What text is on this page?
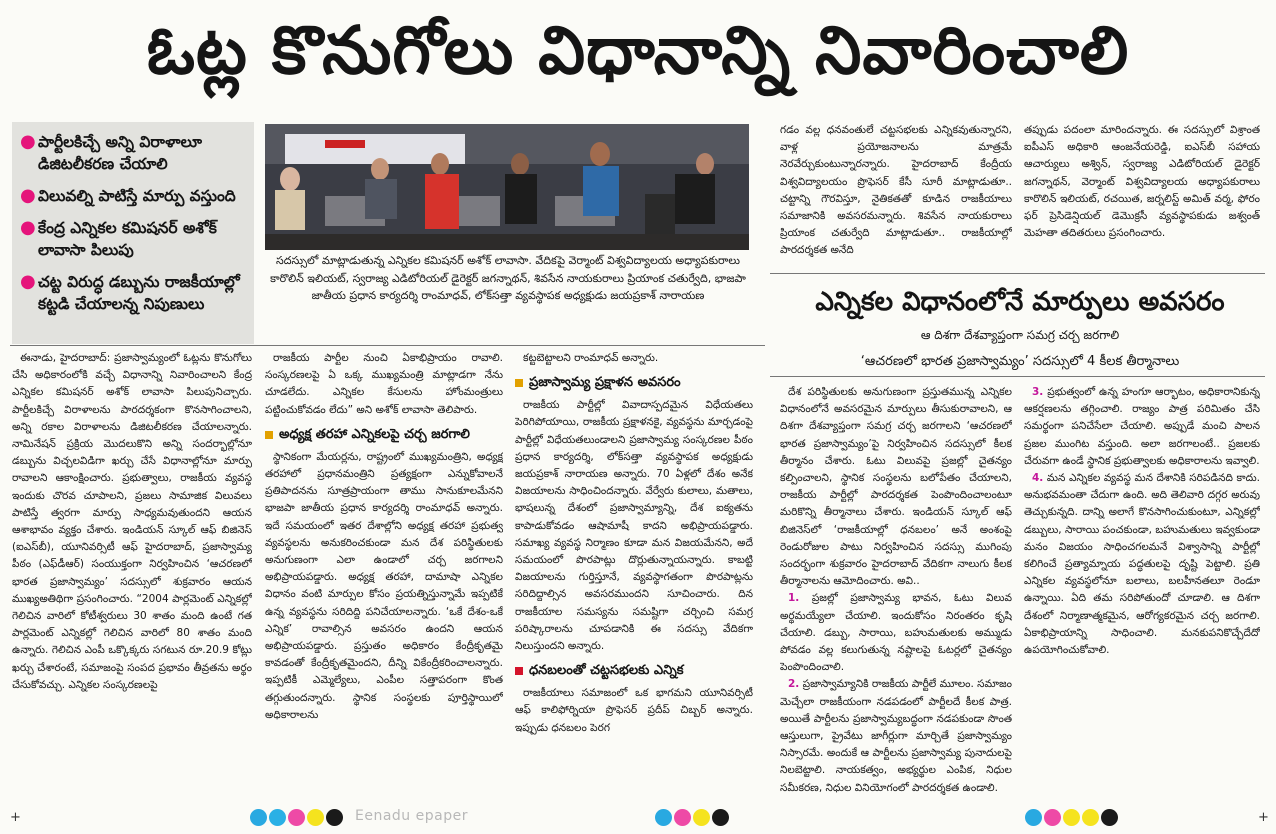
ఓట్ల కొనుగోలు విధానాన్ని నివారించాలి
● పార్టీలకిచ్చే అన్ని విరాళాలూ డిజిటలీకరణ చేయాలి
● విలువల్ని పాటిస్తే మార్పు వస్తుంది
● కేంద్ర ఎన్నికల కమిషనర్ అశోక్ లావాసా పిలుపు
● చట్ట విరుద్ధ డబ్బును రాజకీయాల్లో కట్టడి చేయాలన్న నిపుణులు
సదస్సులో మాట్లాడుతున్న ఎన్నికల కమిషనర్ అశోక్ లావాసా. వేదికపై వెర్మాంట్ విశ్వవిద్యాలయ అధ్యాపకురాలు కారొలిన్ ఇలియట్, స్వరాజ్య ఎడిటోరియల్ డైరెక్టర్ జగన్నాథన్, శివసేన నాయకురాలు ప్రియాంక చతుర్వేది, భాజపా జాతీయ ప్రధాన కార్యదర్శి రాంమాధవ్, లోక్‌సత్తా వ్యవస్థాపక అధ్యక్షుడు జయప్రకాశ్ నారాయణ

ఈనాడు, హైదరాబాద్: ప్రజాస్వామ్యంలో ఓట్లను కొనుగోలు చేసి అధికారంలోకి వచ్చే విధానాన్ని నివారించాలని కేంద్ర ఎన్నికల కమిషనర్ అశోక్ లావాసా పిలుపునిచ్చారు. పార్టీలకిచ్చే విరాళాలను పారదర్శకంగా కొనసాగించాలని, అన్ని రకాల విరాళాలను డిజిటలీకరణ చేయాలన్నారు. నామినేషన్ ప్రక్రియ మొదలుకొని అన్ని సందర్భాల్లోనూ డబ్బును విచ్చలవిడిగా ఖర్చు చేసే విధానాల్లోనూ మార్పు రావాలని ఆకాంక్షించారు. ప్రభుత్వాలు, రాజకీయ వ్యవస్థ ఇందుకు చొరవ చూపాలని, ప్రజలు సామాజిక విలువలు పాటిస్తే త్వరగా మార్పు సాధ్యమవుతుందని ఆయన ఆశాభావం వ్యక్తం చేశారు. ఇండియన్ స్కూల్ ఆఫ్ బిజినెస్ (ఐఎస్‌బీ), యూనివర్సిటీ ఆఫ్ హైదరాబాద్, ప్రజాస్వామ్య పీఠం (ఎఫ్‌డీఆర్) సంయుక్తంగా నిర్వహించిన ‘ఆచరణలో భారత ప్రజాస్వామ్యం’ సదస్సులో శుక్రవారం ఆయన ముఖ్యఅతిథిగా ప్రసంగించారు. “2004 పార్లమెంట్ ఎన్నికల్లో గెలిచిన వారిలో కోటీశ్వరులు 30 శాతం మంది ఉంటే గత పార్లమెంట్ ఎన్నికల్లో గెలిచిన వారిలో 80 శాతం మంది ఉన్నారు. గెలిచిన ఎంపీ ఒక్కొక్కరు సగటున రూ.20.9 కోట్లు ఖర్చు చేశారంటే, సమాజంపై సంపద ప్రభావం తీవ్రతను అర్థం చేసుకోవచ్చు. ఎన్నికల సంస్కరణలపై

రాజకీయ పార్టీల నుంచి ఏకాభిప్రాయం రావాలి. సంస్కరణలపై ఏ ఒక్క ముఖ్యమంత్రి మాట్లాడగా నేను చూడలేదు. ఎన్నికల కేసులను హోంమంత్రులు పట్టించుకోవడం లేదు” అని అశోక్ లావాసా తెలిపారు.

అధ్యక్ష తరహా ఎన్నికలపై చర్చ జరగాలి

స్థానికంగా మేయర్లను, రాష్ట్రంలో ముఖ్యమంత్రిని, అధ్యక్ష తరహాలో ప్రధానమంత్రిని ప్రత్యక్షంగా ఎన్నుకోవాలనే ప్రతిపాదనను సూత్రప్రాయంగా తాము సానుకూలమేనని భాజపా జాతీయ ప్రధాన కార్యదర్శి రాంమాధవ్ అన్నారు. ఇదే సమయంలో ఇతర దేశాల్లోని అధ్యక్ష తరహా ప్రభుత్వ వ్యవస్థలను అనుకరించకుండా మన దేశ పరిస్థితులకు అనుగుణంగా ఎలా ఉండాలో చర్చ జరగాలని అభిప్రాయపడ్డారు. అధ్యక్ష తరహా, దామాషా ఎన్నికల విధానం వంటి మార్పుల కోసం ప్రయత్నిస్తున్నామే ఇప్పటికే ఉన్న వ్యవస్థను సరిదిద్ది పనిచేయాలన్నారు. ‘ఒకే దేశం-ఒకే ఎన్నిక’ రావాల్సిన అవసరం ఉందని ఆయన అభిప్రాయపడ్డారు. ప్రస్తుతం అధికారం కేంద్రీకృతమై కావడంతో కేంద్రీకృతమైందని, దీన్ని వికేంద్రీకరించాలన్నారు. ఇప్పటికీ ఎమ్మెల్యేలు, ఎంపీల సత్తాపరంగా కొంత తగ్గుతుందన్నారు. స్థానిక సంస్థలకు పూర్తిస్థాయిలో అధికారాలను

కట్టబెట్టాలని రాంమాధవ్ అన్నారు.

ప్రజాస్వామ్య ప్రక్షాళన అవసరం

రాజకీయ పార్టీల్లో వివాదాస్పదమైన విధేయతలు పెరిగిపోయాయి, రాజకీయ ప్రక్షాళనకై, వ్యవస్థను మార్చడంపై పార్టీల్లో విధేయతలుండాలని ప్రజాస్వామ్య సంస్కరణల పీఠం ప్రధాన కార్యదర్శి, లోక్‌సత్తా వ్యవస్థాపక అధ్యక్షుడు జయప్రకాశ్ నారాయణ అన్నారు. 70 ఏళ్లలో దేశం అనేక విజయాలను సాధించిందన్నారు. వేర్వేరు కులాలు, మతాలు, భాషలున్న దేశంలో ప్రజాస్వామ్యాన్ని, దేశ ఐక్యతను కాపాడుకోవడం ఆషామాషీ కాదని అభిప్రాయపడ్డారు. సమాఖ్య వ్యవస్థ నిర్మాణం కూడా మన విజయమేనని, అదే సమయంలో పొరపాట్లు దొర్లుతున్నాయన్నారు. కాబట్టి విజయాలను గుర్తిస్తూనే, వ్యవస్థాగతంగా పొరపాట్లను సరిదిద్దాల్సిన అవసరముందని సూచించారు. దిన రాజకీయాల సమస్యను సమష్టిగా చర్చించి సమగ్ర పరిష్కారాలను చూపడానికి ఈ సదస్సు వేదికగా నిలుస్తుందని అన్నారు.

ధనబలంతో చట్టసభలకు ఎన్నిక

రాజకీయాలు సమాజంలో ఒక భాగమని యూనివర్సిటీ ఆఫ్ కాలిఫోర్నియా ప్రొఫెసర్ ప్రదీప్ చిబ్బర్ అన్నారు. ఇప్పుడు ధనబలం పెరగ

గడం వల్ల ధనవంతులే చట్టసభలకు ఎన్నికవుతున్నారని, వాళ్ల ప్రయోజనాలను మాత్రమే నెరవేర్చుకుంటున్నారన్నారు. హైదరాబాద్ కేంద్రీయ విశ్వవిద్యాలయం ప్రొఫెసర్ కేసీ సూరీ మాట్లాడుతూ.. చట్టాన్ని గౌరవిస్తూ, నైతికతతో కూడిన రాజకీయాలు సమాజానికి అవసరమన్నారు. శివసేన నాయకురాలు ప్రియాంక చతుర్వేది మాట్లాడుతూ.. రాజకీయాల్లో పారదర్శకత అనేది

తప్పుడు పదంలా మారిందన్నారు. ఈ సదస్సులో విశ్రాంత ఐపీఎస్ అధికారి ఆంజనేయరెడ్డి, ఐఎస్‌బీ సహాయ ఆచార్యులు అశ్విన్, స్వరాజ్య ఎడిటోరియల్ డైరెక్టర్ జగన్నాథన్, వెర్మాంట్ విశ్వవిద్యాలయ అధ్యాపకురాలు కారొలిన్ ఇలియట్, రచయిత, జర్నలిస్ట్ అమిత్ వర్మ, ఫోరం ఫర్ ప్రెసిడెన్షియల్ డెమొక్రసీ వ్యవస్థాపకుడు జశ్వంత్ మెహతా తదితరులు ప్రసంగించారు.

ఎన్నికల విధానంలోనే మార్పులు అవసరం
ఆ దిశగా దేశవ్యాప్తంగా సమగ్ర చర్చ జరగాలి
‘ఆచరణలో భారత ప్రజాస్వామ్యం’ సదస్సులో 4 కీలక తీర్మానాలు

దేశ పరిస్థితులకు అనుగుణంగా ప్రస్తుతమున్న ఎన్నికల విధానంలోనే అవసరమైన మార్పులు తీసుకురావాలని, ఆ దిశగా దేశవ్యాప్తంగా సమగ్ర చర్చ జరగాలని ‘ఆచరణలో భారత ప్రజాస్వామ్యం’పై నిర్వహించిన సదస్సులో కీలక తీర్మానం చేశారు. ఓటు విలువపై ప్రజల్లో చైతన్యం కల్పించాలని, స్థానిక సంస్థలను బలోపేతం చేయాలని, రాజకీయ పార్టీల్లో పారదర్శకత పెంపొందించాలంటూ మరికొన్ని తీర్మానాలు చేశారు. ఇండియన్ స్కూల్ ఆఫ్ బిజినెస్‌లో ‘రాజకీయాల్లో ధనబలం’ అనే అంశంపై రెండురోజుల పాటు నిర్వహించిన సదస్సు ముగింపు సందర్భంగా శుక్రవారం హైదరాబాద్ వేదికగా నాలుగు కీలక తీర్మానాలను ఆమోదించారు. అవి..

1. ప్రజల్లో ప్రజాస్వామ్య భావన, ఓటు విలువ అర్థమయ్యేలా చేయాలి. ఇందుకోసం నిరంతరం కృషి చేయాలి. డబ్బు, సారాయి, బహుమతులకు అమ్ముడు పోవడం వల్ల కలుగుతున్న నష్టాలపై ఓటర్లలో చైతన్యం పెంపొందించాలి.

2. ప్రజాస్వామ్యానికి రాజకీయ పార్టీలే మూలం. సమాజం మెచ్చేలా రాజకీయంగా నడపడంలో పార్టీలదే కీలక పాత్ర. అయితే పార్టీలను ప్రజాస్వామ్యబద్ధంగా నడపకుండా సొంత ఆస్తులుగా, ప్రైవేటు జాగీర్లుగా మార్చితే ప్రజాస్వామ్యం నిస్సారమే. అందుకే ఆ పార్టీలను ప్రజాస్వామ్య పునాదులపై నిలబెట్టాలి. నాయకత్వం, అభ్యర్థుల ఎంపిక, నిధుల సమీకరణ, నిధుల వినియోగంలో పారదర్శకత ఉండాలి.

3. ప్రభుత్వంలో ఉన్న హంగూ ఆర్భాటం, అధికారానికున్న ఆకర్షణలను తగ్గించాలి. రాజ్యం పాత్ర పరిమితం చేసి సమర్థంగా పనిచేసేలా చేయాలి. అప్పుడే మంచి పాలన ప్రజల ముంగిట వస్తుంది. అలా జరగాలంటే.. ప్రజలకు చేరువగా ఉండే స్థానిక ప్రభుత్వాలకు అధికారాలను ఇవ్వాలి.

4. మన ఎన్నికల వ్యవస్థ మన దేశానికి సరిపడినది కాదు. అనుభవమంతా చేదుగా ఉంది. అది తెలివారి దగ్గర అరువు తెచ్చుకున్నది. దాన్ని అలాగే కొనసాగించుకుంటూ, ఎన్నికల్లో డబ్బులు, సారాయి పంచకుండా, బహుమతులు ఇవ్వకుండా మనం విజయం సాధించగలమనే విశ్వాసాన్ని పార్టీల్లో కలిగించే ప్రత్యామ్నాయ పద్ధతులపై దృష్టి పెట్టాలి. ప్రతి ఎన్నికల వ్యవస్థలోనూ బలాలు, బలహీనతలూ రెండూ ఉన్నాయి. ఏది తమ సరిపోతుందో చూడాలి. ఆ దిశగా దేశంలో నిర్మాణాత్మకమైన, ఆరోగ్యకరమైన చర్చ జరగాలి. ఏకాభిప్రాయాన్ని సాధించాలి. మనకుపనికొచ్చేదేదో ఉపయోగించుకోవాలి.

+	Eenadu epaper	+
